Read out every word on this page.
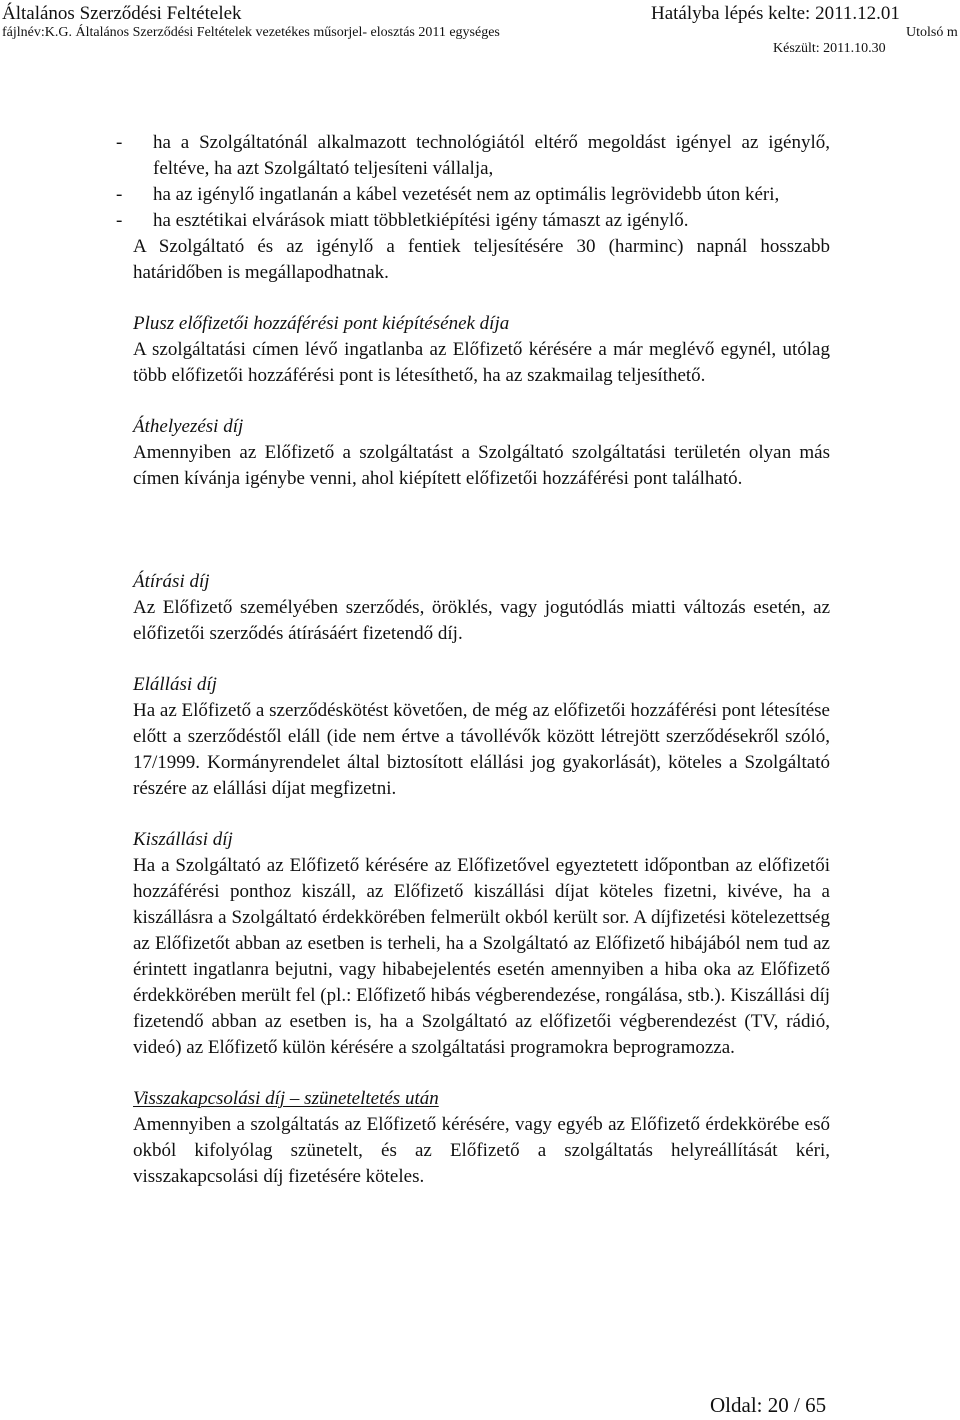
Általános Szerződési Feltételek	Hatályba lépés kelte: 2011.12.01
fájlnév:K.G. Általános Szerződési Feltételek vezetékes műsorjel- elosztás 2011 egységes	Utolsó m
Készült: 2011.10.30
- ha a Szolgáltatónál alkalmazott technológiától eltérő megoldást igényel az igénylő, feltéve, ha azt Szolgáltató teljesíteni vállalja,
- ha az igénylő ingatlanán a kábel vezetését nem az optimális legrövidebb úton kéri,
- ha esztétikai elvárások miatt többletkiépítési igény támaszt az igénylő.

A Szolgáltató és az igénylő a fentiek teljesítésére 30 (harminc) napnál hosszabb határidőben is megállapodhatnak.

Plusz előfizetői hozzáférési pont kiépítésének díja

A szolgáltatási címen lévő ingatlanba az Előfizető kérésére a már meglévő egynél, utólag több előfizetői hozzáférési pont is létesíthető, ha az szakmailag teljesíthető.

Áthelyezési díj

Amennyiben az Előfizető a szolgáltatást a Szolgáltató szolgáltatási területén olyan más címen kívánja igénybe venni, ahol kiépített előfizetői hozzáférési pont található.

Átírási díj

Az Előfizető személyében szerződés, öröklés, vagy jogutódlás miatti változás esetén, az előfizetői szerződés átírásáért fizetendő díj.

Elállási díj

Ha az Előfizető a szerződéskötést követően, de még az előfizetői hozzáférési pont létesítése előtt a szerződéstől eláll (ide nem értve a távollévők között létrejött szerződésekről szóló, 17/1999. Kormányrendelet által biztosított elállási jog gyakorlását), köteles a Szolgáltató részére az elállási díjat megfizetni.

Kiszállási díj

Ha a Szolgáltató az Előfizető kérésére az Előfizetővel egyeztetett időpontban az előfizetői hozzáférési ponthoz kiszáll, az Előfizető kiszállási díjat köteles fizetni, kivéve, ha a kiszállásra a Szolgáltató érdekkörében felmerült okból került sor. A díjfizetési kötelezettség az Előfizetőt abban az esetben is terheli, ha a Szolgáltató az Előfizető hibájából nem tud az érintett ingatlanra bejutni, vagy hibabejelentés esetén amennyiben a hiba oka az Előfizető érdekkörében merült fel (pl.: Előfizető hibás végberendezése, rongálása, stb.). Kiszállási díj fizetendő abban az esetben is, ha a Szolgáltató az előfizetői végberendezést (TV, rádió, videó) az Előfizető külön kérésére a szolgáltatási programokra beprogramozza.

Visszakapcsolási díj – szüneteltetés után

Amennyiben a szolgáltatás az Előfizető kérésére, vagy egyéb az Előfizető érdekkörébe eső okból kifolyólag szünetelt, és az Előfizető a szolgáltatás helyreállítását kéri, visszakapcsolási díj fizetésére köteles.

Oldal: 20 / 65
